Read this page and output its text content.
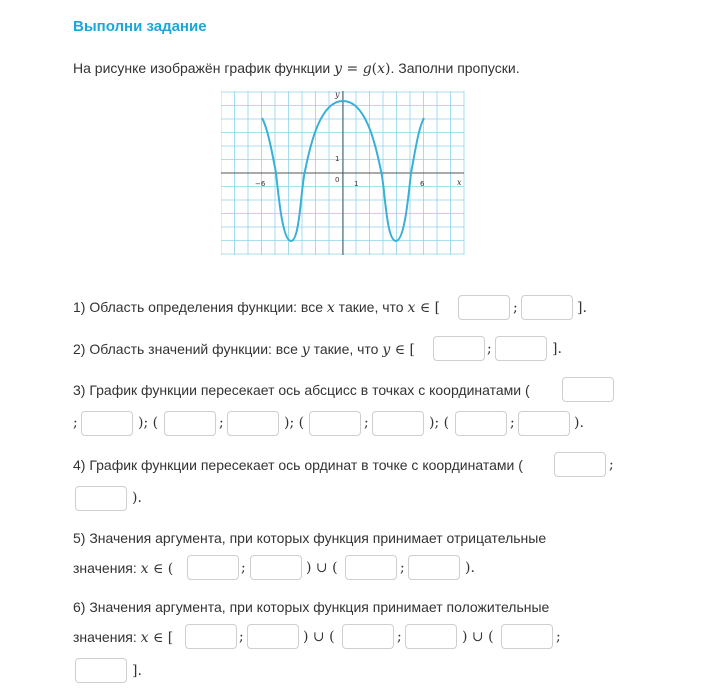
Выполни задание
На рисунке изображён график функции y = g(x). Заполни пропуски.
x
y
−6	0 1	6
1
1) Область определения функции: все x такие, что x ∈ [	;	].
2) Область значений функции: все y такие, что y ∈ [	;	].
3) График функции пересекает ось абсцисс в точках с координатами (
;	); (	;	); (	;	); (	;	).
4) График функции пересекает ось ординат в точке с координатами (	;
).
5) Значения аргумента, при которых функция принимает отрицательные
значения: x ∈ (	;	) ∪ (	;	).
6) Значения аргумента, при которых функция принимает положительные
значения: x ∈ [	;	) ∪ (	;	) ∪ (	;
].
